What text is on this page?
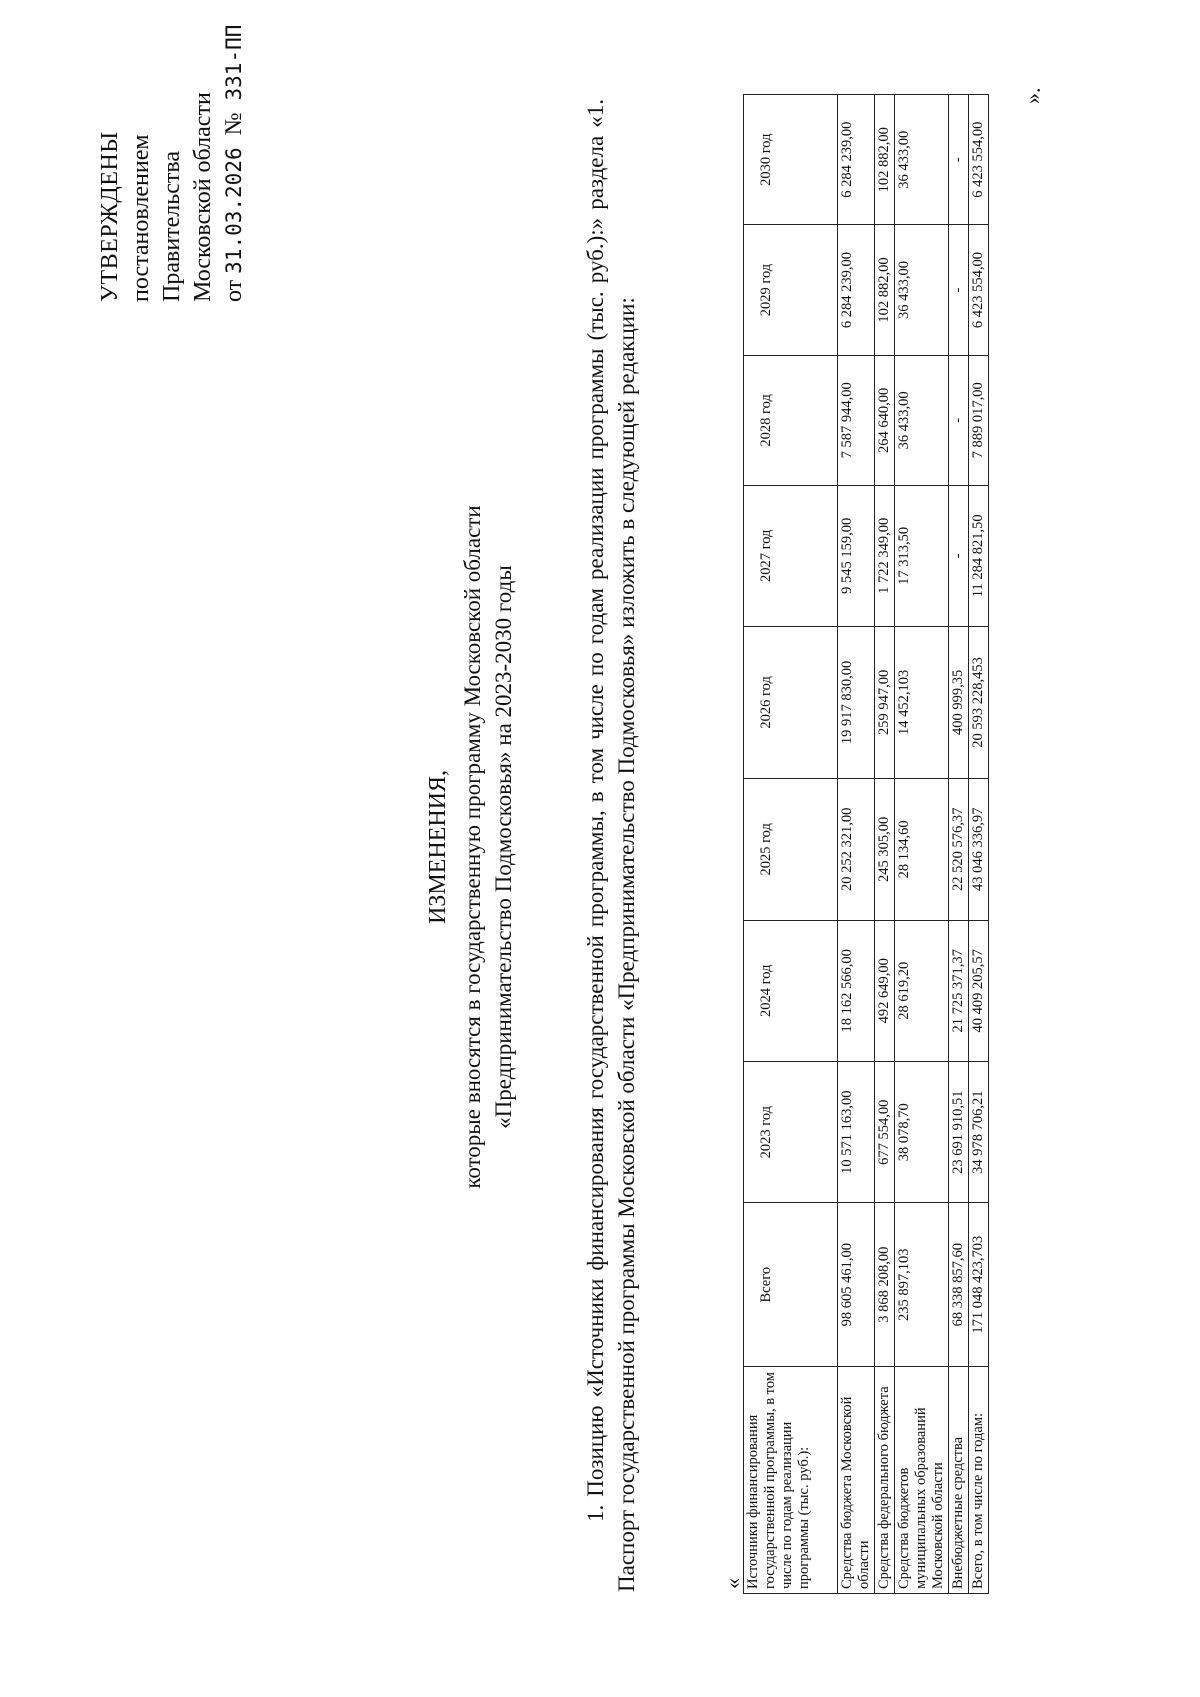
УТВЕРЖДЕНЫ постановлением Правительства Московской области от 31.03.2026  №  331-ПП
ИЗМЕНЕНИЯ, которые вносятся в государственную программу Московской области «Предпринимательство Подмосковья» на 2023-2030 годы	1. Позицию «Источники финансирования государственной программы, в том числе по годам реализации программы (тыс. руб.):» раздела «1. Паспорт государственной программы Московской области «Предпринимательство Подмосковья» изложить в следующей редакции:	« Источники финансирования государственной программы, в том числе по годам реализации программы (тыс. руб.):	Всего	2023 год	2024 год	2025 год	2026 год	2027 год	2028 год	2029 год	2030 год
Средства бюджета Московской области	98 605 461,00	10 571 163,00	18 162 566,00	20 252 321,00	19 917 830,00	9 545 159,00	7 587 944,00	6 284 239,00	6 284 239,00
Средства федерального бюджета	3 868 208,00	677 554,00	492 649,00	245 305,00	259 947,00	1 722 349,00	264 640,00	102 882,00	102 882,00
Средства бюджетов муниципальных образований Московской области	235 897,103	38 078,70	28 619,20	28 134,60	14 452,103	17 313,50	36 433,00	36 433,00	36 433,00
Внебюджетные средства	68 338 857,60	23 691 910,51	21 725 371,37	22 520 576,37	400 999,35	-	-	-	-
Всего, в том числе по годам:	171 048 423,703	34 978 706,21	40 409 205,57	43 046 336,97	20 593 228,453	11 284 821,50	7 889 017,00	6 423 554,00	6 423 554,00
».
